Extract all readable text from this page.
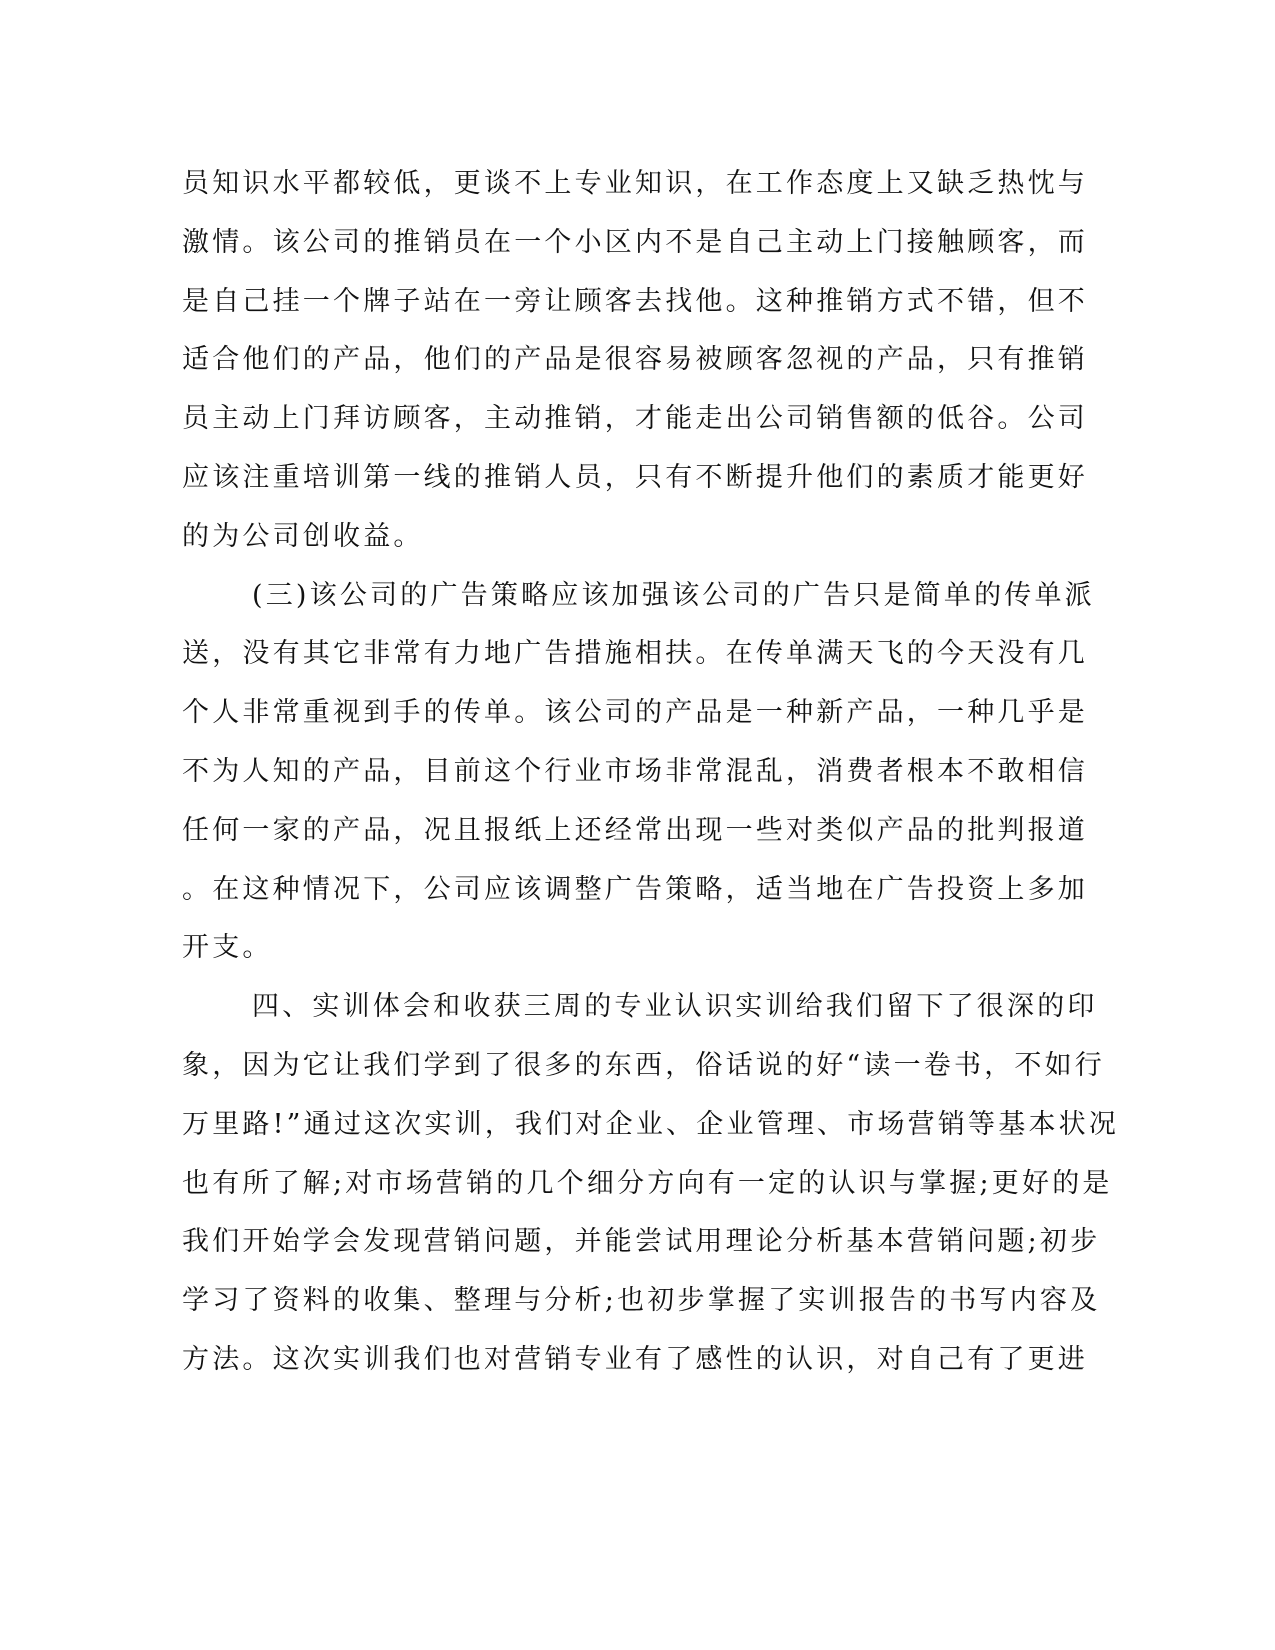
员知识水平都较低，更谈不上专业知识，在工作态度上又缺乏热忱与
激情。该公司的推销员在一个小区内不是自己主动上门接触顾客，而
是自己挂一个牌子站在一旁让顾客去找他。这种推销方式不错，但不
适合他们的产品，他们的产品是很容易被顾客忽视的产品，只有推销
员主动上门拜访顾客，主动推销，才能走出公司销售额的低谷。公司
应该注重培训第一线的推销人员，只有不断提升他们的素质才能更好
的为公司创收益。
(三)该公司的广告策略应该加强该公司的广告只是简单的传单派
送，没有其它非常有力地广告措施相扶。在传单满天飞的今天没有几
个人非常重视到手的传单。该公司的产品是一种新产品，一种几乎是
不为人知的产品，目前这个行业市场非常混乱，消费者根本不敢相信
任何一家的产品，况且报纸上还经常出现一些对类似产品的批判报道
。在这种情况下，公司应该调整广告策略，适当地在广告投资上多加
开支。
四、实训体会和收获三周的专业认识实训给我们留下了很深的印
象，因为它让我们学到了很多的东西，俗话说的好“读一卷书，不如行
万里路!”通过这次实训，我们对企业、企业管理、市场营销等基本状况
也有所了解;对市场营销的几个细分方向有一定的认识与掌握;更好的是
我们开始学会发现营销问题，并能尝试用理论分析基本营销问题;初步
学习了资料的收集、整理与分析;也初步掌握了实训报告的书写内容及
方法。这次实训我们也对营销专业有了感性的认识，对自己有了更进
